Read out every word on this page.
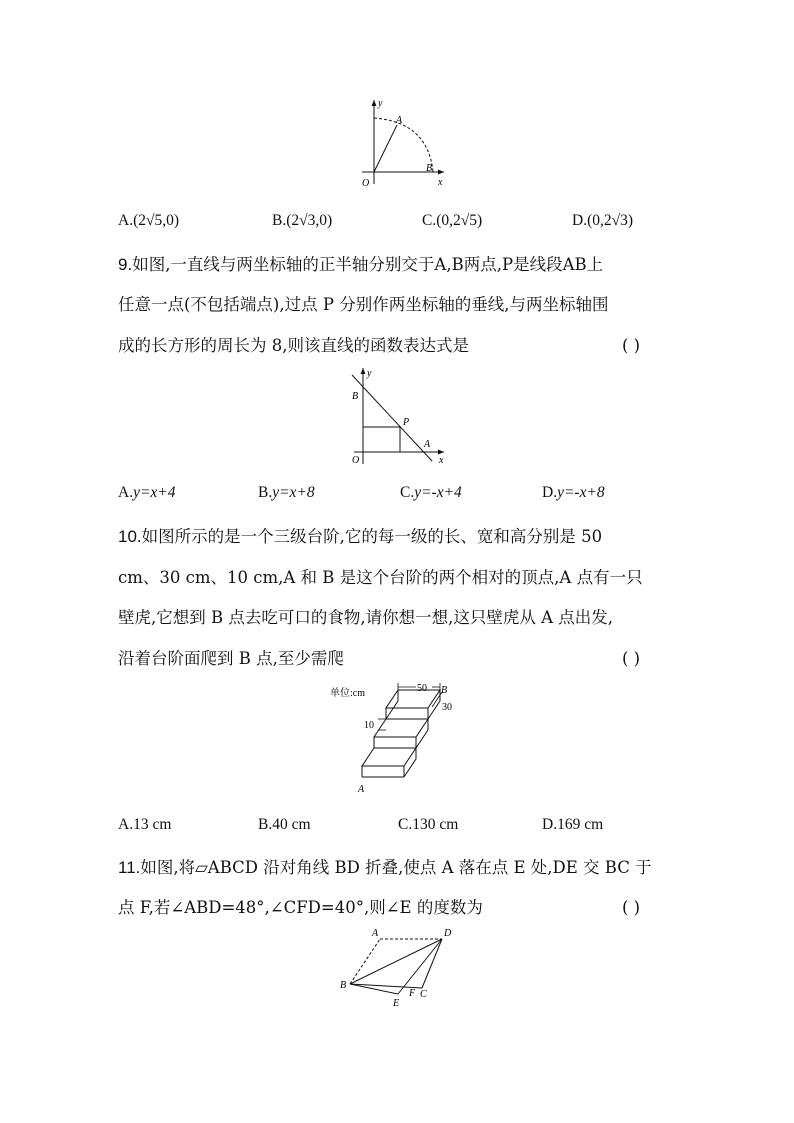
y
A
O
B
x
A.(2√5,0)	B.(2√3,0)	C.(0,2√5)	D.(0,2√3)
9.如图,一直线与两坐标轴的正半轴分别交于A,B两点,P是线段AB上
任意一点(不包括端点),过点 P 分别作两坐标轴的垂线,与两坐标轴围
成的长方形的周长为 8,则该直线的函数表达式是	( )
y
B
P
A
O	x
A.y=x+4	B.y=x+8	C.y=-x+4	D.y=-x+8
10.如图所示的是一个三级台阶,它的每一级的长、宽和高分别是 50
cm、30 cm、10 cm,A 和 B 是这个台阶的两个相对的顶点,A 点有一只
壁虎,它想到 B 点去吃可口的食物,请你想一想,这只壁虎从 A 点出发,
沿着台阶面爬到 B 点,至少需爬	( )
单位:cm	50 B
30
10
A
A.13 cm	B.40 cm	C.130 cm	D.169 cm
11.如图,将▱ABCD 沿对角线 BD 折叠,使点 A 落在点 E 处,DE 交 BC 于
点 F,若∠ABD=48°,∠CFD=40°,则∠E 的度数为	( )
A	D
B
F C
E
